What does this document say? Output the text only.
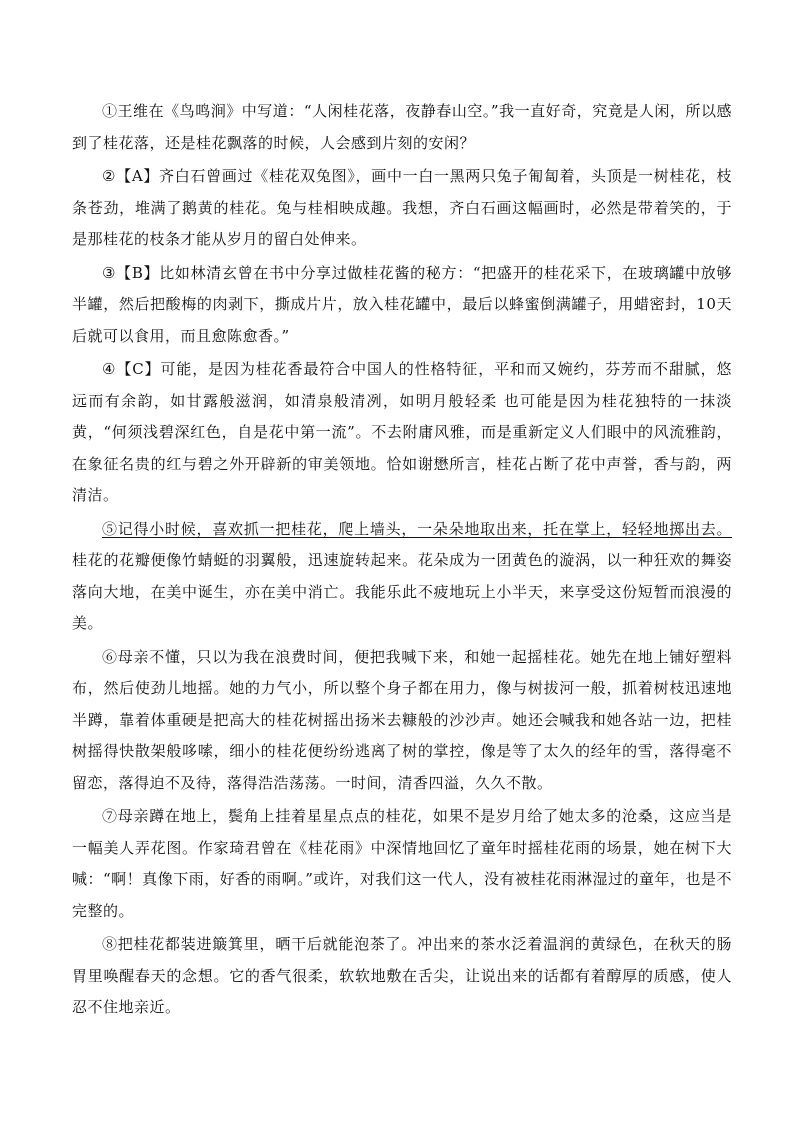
①王维在《鸟鸣涧》中写道：“人闲桂花落，夜静春山空。”我一直好奇，究竟是人闲，所以感到了桂花落，还是桂花飘落的时候，人会感到片刻的安闲？

②【A】齐白石曾画过《桂花双兔图》，画中一白一黑两只兔子匍匐着，头顶是一树桂花，枝条苍劲，堆满了鹅黄的桂花。兔与桂相映成趣。我想，齐白石画这幅画时，必然是带着笑的，于是那桂花的枝条才能从岁月的留白处伸来。

③【B】比如林清玄曾在书中分享过做桂花酱的秘方：“把盛开的桂花采下，在玻璃罐中放够半罐，然后把酸梅的肉剥下，撕成片片，放入桂花罐中，最后以蜂蜜倒满罐子，用蜡密封，10天后就可以食用，而且愈陈愈香。”

④【C】可能，是因为桂花香最符合中国人的性格特征，平和而又婉约，芬芳而不甜腻，悠远而有余韵，如甘露般滋润，如清泉般清冽，如明月般轻柔 也可能是因为桂花独特的一抹淡黄，“何须浅碧深红色，自是花中第一流”。不去附庸风雅，而是重新定义人们眼中的风流雅韵，在象征名贵的红与碧之外开辟新的审美领地。恰如谢懋所言，桂花占断了花中声誉，香与韵，两清洁。

⑤记得小时候，喜欢抓一把桂花，爬上墙头，一朵朵地取出来，托在掌上，轻轻地掷出去。桂花的花瓣便像竹蜻蜓的羽翼般，迅速旋转起来。花朵成为一团黄色的漩涡，以一种狂欢的舞姿落向大地，在美中诞生，亦在美中消亡。我能乐此不疲地玩上小半天，来享受这份短暂而浪漫的美。

⑥母亲不懂，只以为我在浪费时间，便把我喊下来，和她一起摇桂花。她先在地上铺好塑料布，然后使劲儿地摇。她的力气小，所以整个身子都在用力，像与树拔河一般，抓着树枝迅速地半蹲，靠着体重硬是把高大的桂花树摇出扬米去糠般的沙沙声。她还会喊我和她各站一边，把桂树摇得快散架般哆嗦，细小的桂花便纷纷逃离了树的掌控，像是等了太久的经年的雪，落得毫不留恋，落得迫不及待，落得浩浩荡荡。一时间，清香四溢，久久不散。

⑦母亲蹲在地上，鬓角上挂着星星点点的桂花，如果不是岁月给了她太多的沧桑，这应当是一幅美人弄花图。作家琦君曾在《桂花雨》中深情地回忆了童年时摇桂花雨的场景，她在树下大喊：“啊！真像下雨，好香的雨啊。”或许，对我们这一代人，没有被桂花雨淋湿过的童年，也是不完整的。

⑧把桂花都装进簸箕里，晒干后就能泡茶了。冲出来的茶水泛着温润的黄绿色，在秋天的肠胃里唤醒春天的念想。它的香气很柔，软软地敷在舌尖，让说出来的话都有着醇厚的质感，使人忍不住地亲近。
